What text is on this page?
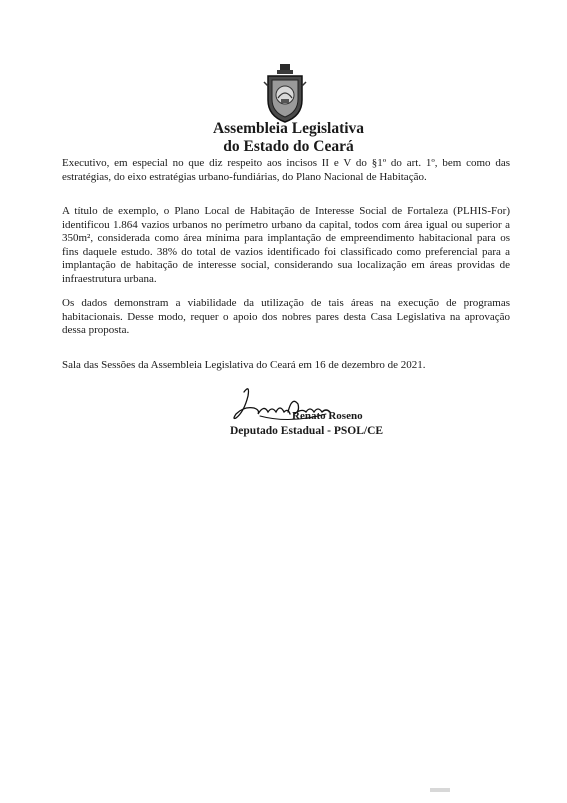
Assembleia Legislativa
do Estado do Ceará

Executivo, em especial no que diz respeito aos incisos II e V do §1º do art. 1º, bem como das estratégias, do eixo estratégias urbano-fundiárias, do Plano Nacional de Habitação.

A título de exemplo, o Plano Local de Habitação de Interesse Social de Fortaleza (PLHIS-For) identificou 1.864 vazios urbanos no perímetro urbano da capital, todos com área igual ou superior a 350m², considerada como área mínima para implantação de empreendimento habitacional para os fins daquele estudo. 38% do total de vazios identificado foi classificado como preferencial para a implantação de habitação de interesse social, considerando sua localização em áreas providas de infraestrutura urbana.

Os dados demonstram a viabilidade da utilização de tais áreas na execução de programas habitacionais. Desse modo, requer o apoio dos nobres pares desta Casa Legislativa na aprovação dessa proposta.

Sala das Sessões da Assembleia Legislativa do Ceará em 16 de dezembro de 2021.

Renato Roseno
Deputado Estadual - PSOL/CE
